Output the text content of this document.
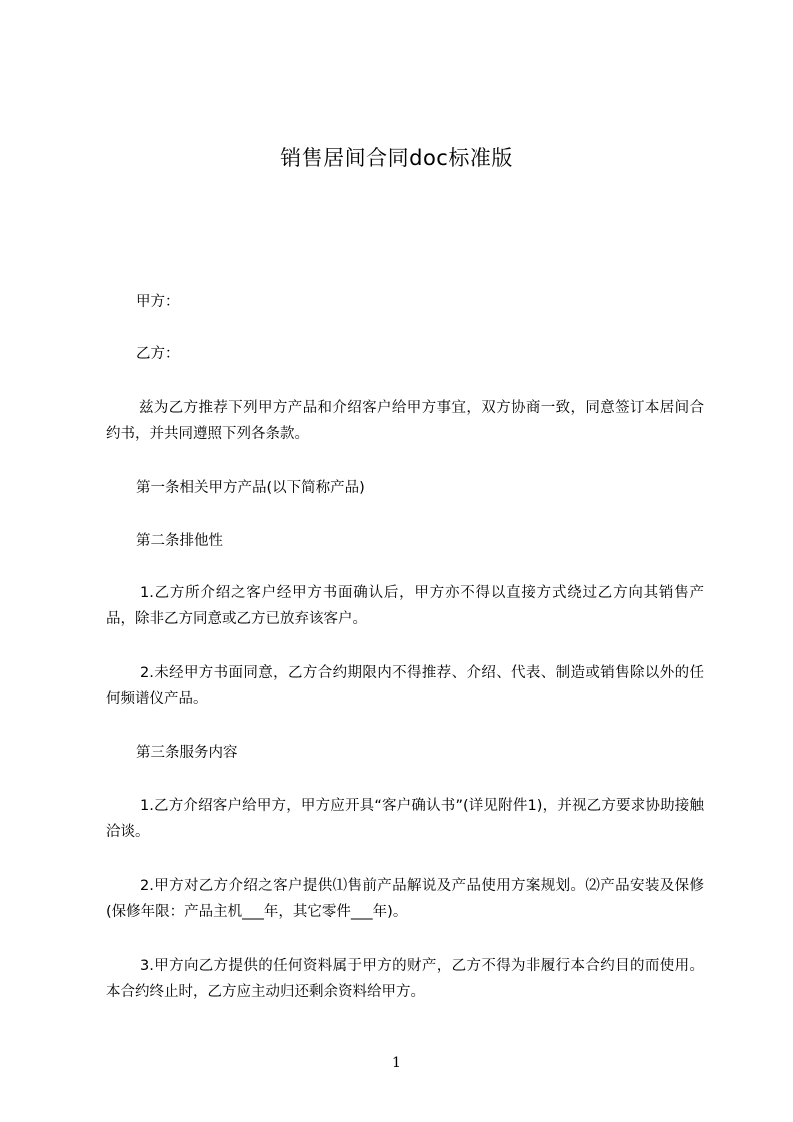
销售居间合同doc标准版
甲方：
乙方：
兹为乙方推荐下列甲方产品和介绍客户给甲方事宜，双方协商一致，同意签订本居间合约书，并共同遵照下列各条款。
第一条相关甲方产品(以下简称产品)
第二条排他性
1.乙方所介绍之客户经甲方书面确认后，甲方亦不得以直接方式绕过乙方向其销售产品，除非乙方同意或乙方已放弃该客户。
2.未经甲方书面同意，乙方合约期限内不得推荐、介绍、代表、制造或销售除以外的任何频谱仪产品。
第三条服务内容
1.乙方介绍客户给甲方，甲方应开具“客户确认书”(详见附件1)，并视乙方要求协助接触洽谈。
2.甲方对乙方介绍之客户提供⑴售前产品解说及产品使用方案规划。⑵产品安装及保修(保修年限：产品主机___年，其它零件___年)。
3.甲方向乙方提供的任何资料属于甲方的财产，乙方不得为非履行本合约目的而使用。本合约终止时，乙方应主动归还剩余资料给甲方。
1
